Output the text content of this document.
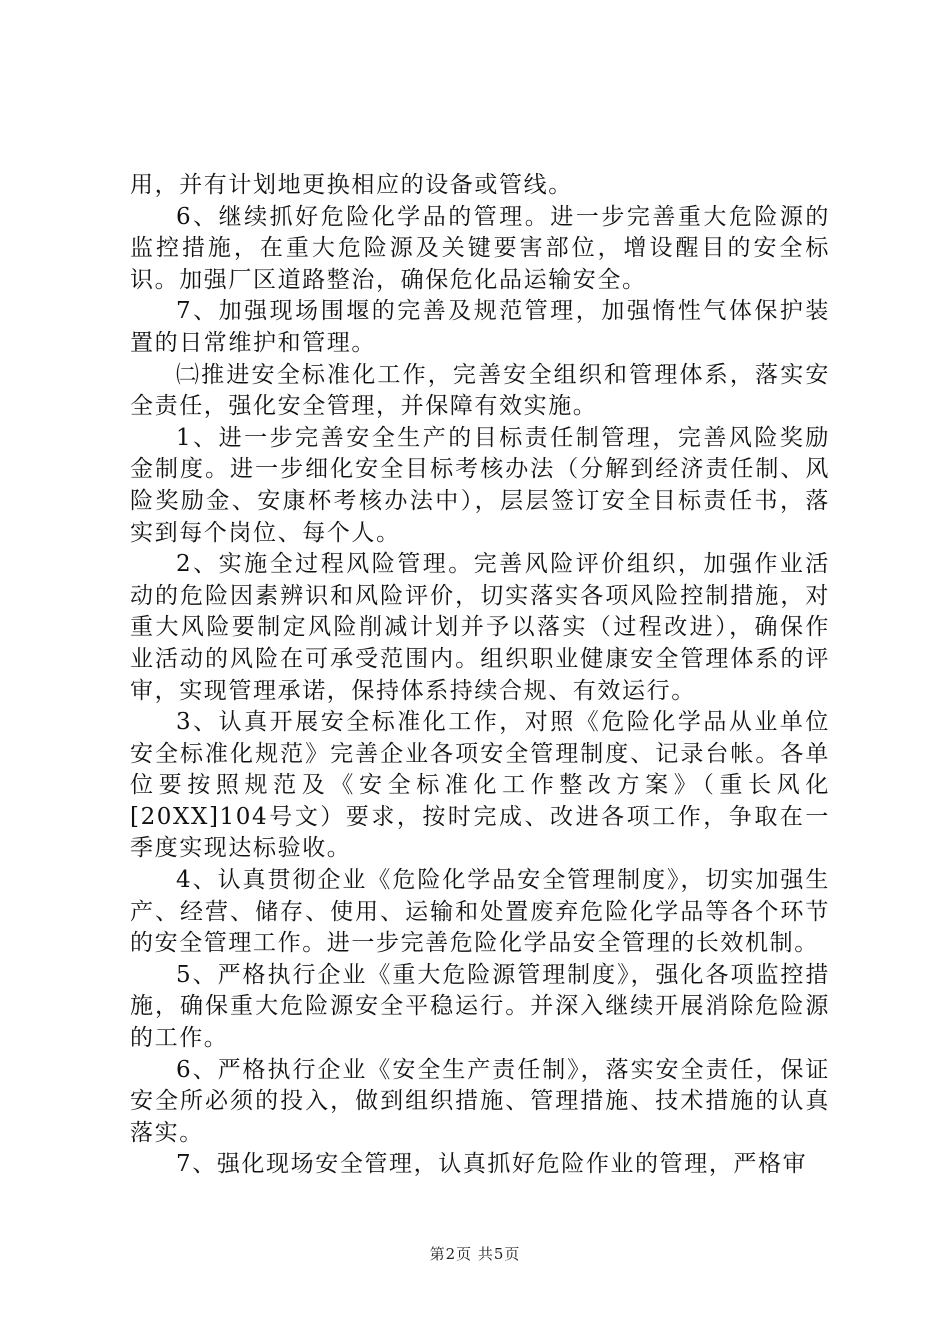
用，并有计划地更换相应的设备或管线。

6、继续抓好危险化学品的管理。进一步完善重大危险源的监控措施，在重大危险源及关键要害部位，增设醒目的安全标识。加强厂区道路整治，确保危化品运输安全。

7、加强现场围堰的完善及规范管理，加强惰性气体保护装置的日常维护和管理。

㈡推进安全标准化工作，完善安全组织和管理体系，落实安全责任，强化安全管理，并保障有效实施。

1、进一步完善安全生产的目标责任制管理，完善风险奖励金制度。进一步细化安全目标考核办法（分解到经济责任制、风险奖励金、安康杯考核办法中），层层签订安全目标责任书，落实到每个岗位、每个人。

2、实施全过程风险管理。完善风险评价组织，加强作业活动的危险因素辨识和风险评价，切实落实各项风险控制措施，对重大风险要制定风险削减计划并予以落实（过程改进），确保作业活动的风险在可承受范围内。组织职业健康安全管理体系的评审，实现管理承诺，保持体系持续合规、有效运行。

3、认真开展安全标准化工作，对照《危险化学品从业单位安全标准化规范》完善企业各项安全管理制度、记录台帐。各单位要按照规范及《安全标准化工作整改方案》（重长风化[20XX]104号文）要求，按时完成、改进各项工作，争取在一季度实现达标验收。

4、认真贯彻企业《危险化学品安全管理制度》，切实加强生产、经营、储存、使用、运输和处置废弃危险化学品等各个环节的安全管理工作。进一步完善危险化学品安全管理的长效机制。

5、严格执行企业《重大危险源管理制度》，强化各项监控措施，确保重大危险源安全平稳运行。并深入继续开展消除危险源的工作。

6、严格执行企业《安全生产责任制》，落实安全责任，保证安全所必须的投入，做到组织措施、管理措施、技术措施的认真落实。

7、强化现场安全管理，认真抓好危险作业的管理，严格审

第2页 共5页
